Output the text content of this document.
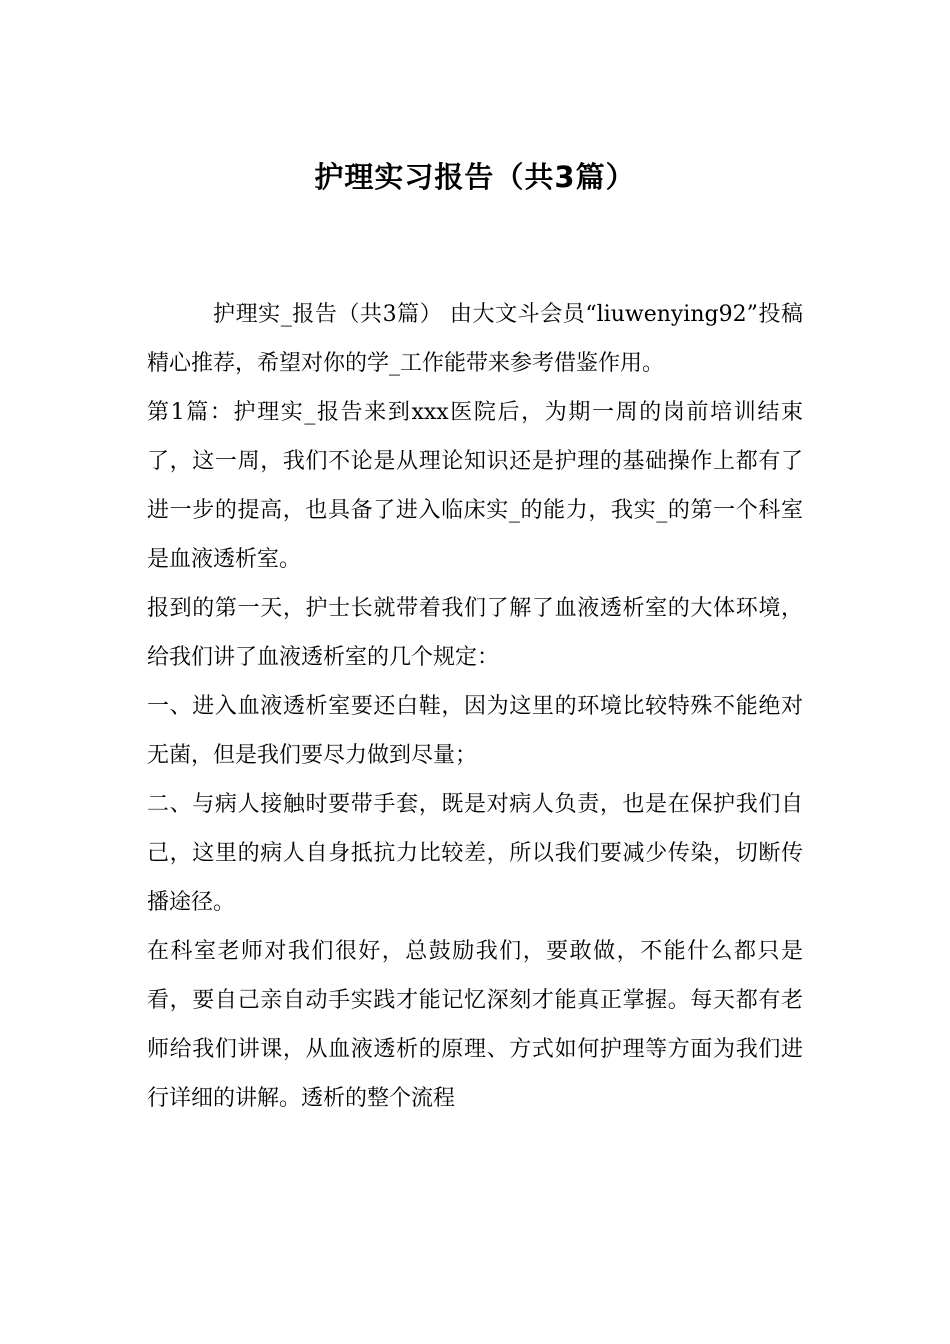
护理实习报告（共3篇）

护理实_报告（共3篇） 由大文斗会员“liuwenying92”投稿精心推荐，希望对你的学_工作能带来参考借鉴作用。

第1篇：护理实_报告来到xxx医院后，为期一周的岗前培训结束了，这一周，我们不论是从理论知识还是护理的基础操作上都有了进一步的提高，也具备了进入临床实_的能力，我实_的第一个科室是血液透析室。

报到的第一天，护士长就带着我们了解了血液透析室的大体环境，给我们讲了血液透析室的几个规定：

一、进入血液透析室要还白鞋，因为这里的环境比较特殊不能绝对无菌，但是我们要尽力做到尽量；

二、与病人接触时要带手套，既是对病人负责，也是在保护我们自己，这里的病人自身抵抗力比较差，所以我们要减少传染，切断传播途径。

在科室老师对我们很好，总鼓励我们，要敢做，不能什么都只是看，要自己亲自动手实践才能记忆深刻才能真正掌握。每天都有老师给我们讲课，从血液透析的原理、方式如何护理等方面为我们进行详细的讲解。透析的整个流程
